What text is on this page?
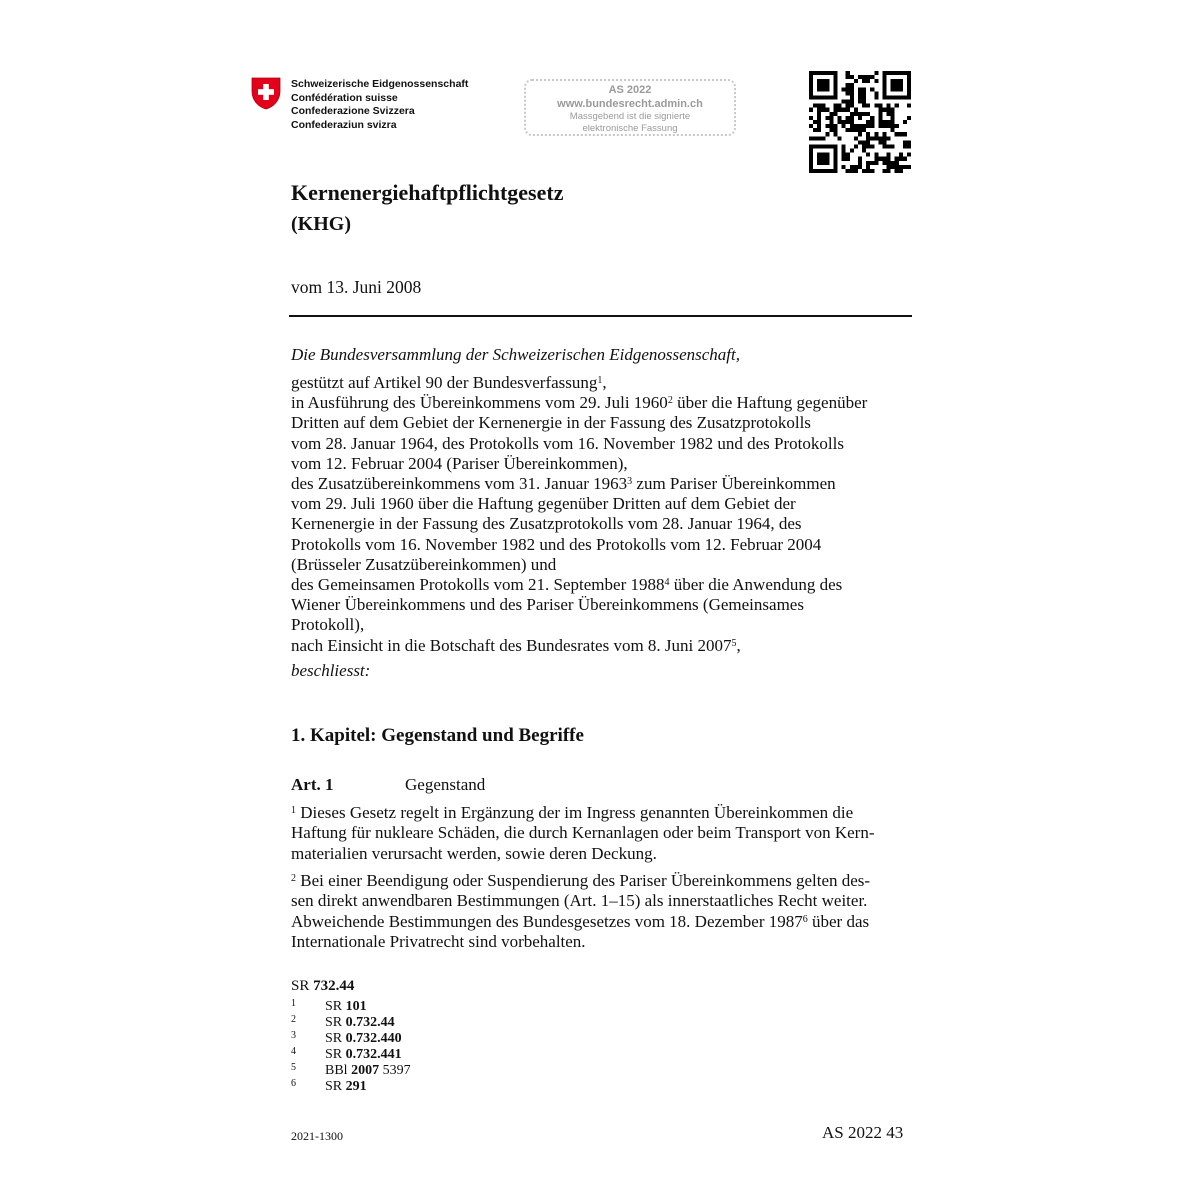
Schweizerische Eidgenossenschaft
Confédération suisse
Confederazione Svizzera
Confederaziun svizra
AS 2022
www.bundesrecht.admin.ch
Massgebend ist die signierte
elektronische Fassung
Kernenergiehaftpflichtgesetz
(KHG)
vom 13. Juni 2008
Die Bundesversammlung der Schweizerischen Eidgenossenschaft,
gestützt auf Artikel 90 der Bundesverfassung$^1$,
in Ausführung des Übereinkommens vom 29. Juli 1960$^2$ über die Haftung gegenüber
Dritten auf dem Gebiet der Kernenergie in der Fassung des Zusatzprotokolls
vom 28. Januar 1964, des Protokolls vom 16. November 1982 und des Protokolls
vom 12. Februar 2004 (Pariser Übereinkommen),
des Zusatzübereinkommens vom 31. Januar 1963$^3$ zum Pariser Übereinkommen
vom 29. Juli 1960 über die Haftung gegenüber Dritten auf dem Gebiet der
Kernenergie in der Fassung des Zusatzprotokolls vom 28. Januar 1964, des
Protokolls vom 16. November 1982 und des Protokolls vom 12. Februar 2004
(Brüsseler Zusatzübereinkommen) und
des Gemeinsamen Protokolls vom 21. September 1988$^4$ über die Anwendung des
Wiener Übereinkommens und des Pariser Übereinkommens (Gemeinsames
Protokoll),
nach Einsicht in die Botschaft des Bundesrates vom 8. Juni 2007$^5$,
beschliesst:
1. Kapitel: Gegenstand und Begriffe
Art. 1	Gegenstand
$^1$ Dieses Gesetz regelt in Ergänzung der im Ingress genannten Übereinkommen die
Haftung für nukleare Schäden, die durch Kernanlagen oder beim Transport von Kern-
materialien verursacht werden, sowie deren Deckung.
$^2$ Bei einer Beendigung oder Suspendierung des Pariser Übereinkommens gelten des-
sen direkt anwendbaren Bestimmungen (Art. 1–15) als innerstaatliches Recht weiter.
Abweichende Bestimmungen des Bundesgesetzes vom 18. Dezember 1987$^6$ über das
Internationale Privatrecht sind vorbehalten.
SR 732.44
1 SR 101
2 SR 0.732.44
3 SR 0.732.440
4 SR 0.732.441
5 BBl 2007 5397
6 SR 291
2021-1300	AS 2022 43
